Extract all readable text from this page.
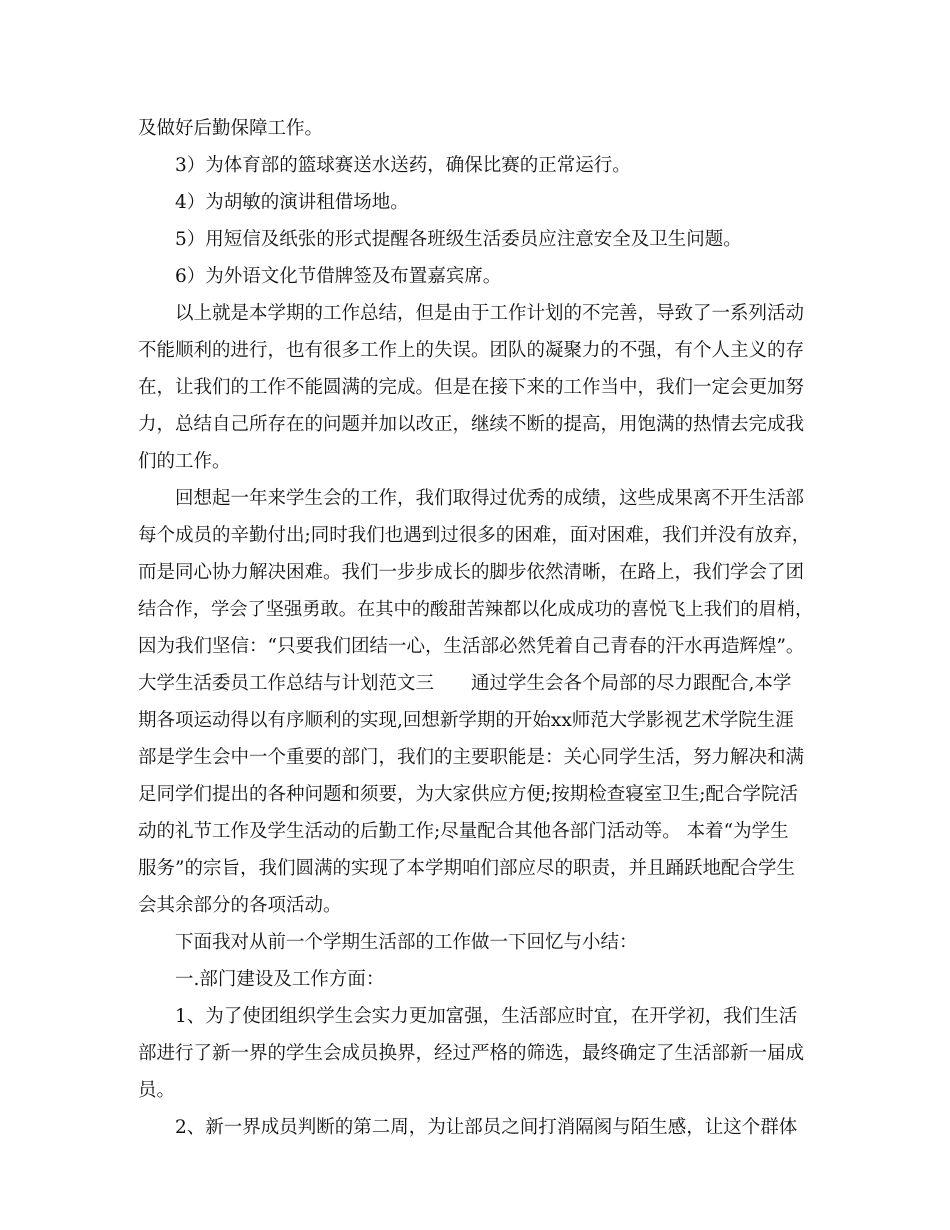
及做好后勤保障工作。
3）为体育部的篮球赛送水送药，确保比赛的正常运行。
4）为胡敏的演讲租借场地。
5）用短信及纸张的形式提醒各班级生活委员应注意安全及卫生问题。
6）为外语文化节借牌签及布置嘉宾席。
以上就是本学期的工作总结，但是由于工作计划的不完善，导致了一系列活动
不能顺利的进行，也有很多工作上的失误。团队的凝聚力的不强，有个人主义的存
在，让我们的工作不能圆满的完成。但是在接下来的工作当中，我们一定会更加努
力，总结自己所存在的问题并加以改正，继续不断的提高，用饱满的热情去完成我
们的工作。
回想起一年来学生会的工作，我们取得过优秀的成绩，这些成果离不开生活部
每个成员的辛勤付出;同时我们也遇到过很多的困难，面对困难，我们并没有放弃，
而是同心协力解决困难。我们一步步成长的脚步依然清晰，在路上，我们学会了团
结合作，学会了坚强勇敢。在其中的酸甜苦辣都以化成成功的喜悦飞上我们的眉梢，
因为我们坚信：“只要我们团结一心，生活部必然凭着自己青春的汗水再造辉煌”。
大学生活委员工作总结与计划范文三　　通过学生会各个局部的尽力跟配合,本学
期各项运动得以有序顺利的实现,回想新学期的开始xx师范大学影视艺术学院生涯
部是学生会中一个重要的部门，我们的主要职能是：关心同学生活，努力解决和满
足同学们提出的各种问题和须要，为大家供应方便;按期检查寝室卫生;配合学院活
动的礼节工作及学生活动的后勤工作;尽量配合其他各部门活动等。 本着“为学生
服务”的宗旨，我们圆满的实现了本学期咱们部应尽的职责，并且踊跃地配合学生
会其余部分的各项活动。
下面我对从前一个学期生活部的工作做一下回忆与小结：
一.部门建设及工作方面：
1、为了使团组织学生会实力更加富强，生活部应时宜，在开学初，我们生活
部进行了新一界的学生会成员换界，经过严格的筛选，最终确定了生活部新一届成
员。
2、新一界成员判断的第二周，为让部员之间打消隔阂与陌生感，让这个群体
